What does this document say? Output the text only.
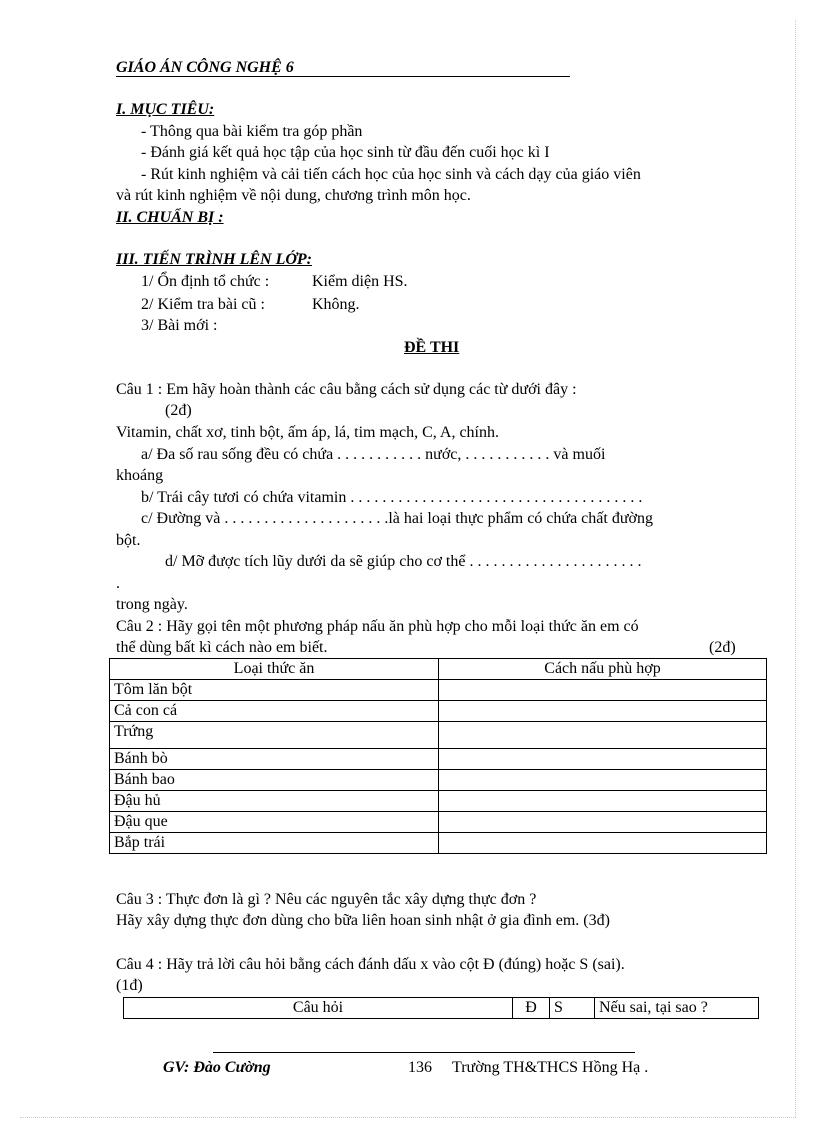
GIÁO ÁN CÔNG NGHỆ 6
I. MỤC TIÊU:
- Thông qua bài kiểm tra góp phần
- Đánh giá kết quả học tập của học sinh từ đầu đến cuối học kì I
- Rút kinh nghiệm và cải tiến cách học của học sinh và cách dạy của giáo viên
và rút kinh nghiệm về nội dung, chương trình môn học.
II. CHUẨN BỊ :
III. TIẾN TRÌNH LÊN LỚP:
1/ Ổn định tổ chức :	Kiểm diện HS.
2/ Kiểm tra bài cũ :	Không.
3/ Bài mới :
ĐỀ THI
Câu 1 : Em hãy hoàn thành các câu bằng cách sử dụng các từ dưới đây :
(2đ)
Vitamin, chất xơ, tinh bột, ấm áp, lá, tim mạch, C, A, chính.
a/ Đa số rau sống đều có chứa . . . . . . . . . . . nước, . . . . . . . . . . . và muối
khoáng
b/ Trái cây tươi có chứa vitamin . . . . . . . . . . . . . . . . . . . . . . . . . . . . . . . . . . . . .
c/ Đường và . . . . . . . . . . . . . . . . . . . . .là hai loại thực phẩm có chứa chất đường
bột.
d/ Mỡ được tích lũy dưới da sẽ giúp cho cơ thể . . . . . . . . . . . . . . . . . . . . . .
.
trong ngày.
Câu 2 : Hãy gọi tên một phương pháp nấu ăn phù hợp cho mỗi loại thức ăn em có
thể dùng bất kì cách nào em biết.	(2đ)
Loại thức ăn	Cách nấu phù hợp
Tôm lăn bột	
Cả con cá	
Trứng	
Bánh bò	
Bánh bao	
Đậu hủ	
Đậu que	
Bắp trái	
Câu 3 : Thực đơn là gì ? Nêu các nguyên tắc xây dựng thực đơn ?
Hãy xây dựng thực đơn dùng cho bữa liên hoan sinh nhật ở gia đình em. (3đ)
Câu 4 : Hãy trả lời câu hỏi bằng cách đánh dấu x vào cột Đ (đúng) hoặc S (sai).
(1đ)
Câu hỏi	Đ	S	Nếu sai, tại sao ?
GV: Đào Cường	136 Trường TH&THCS Hồng Hạ .
